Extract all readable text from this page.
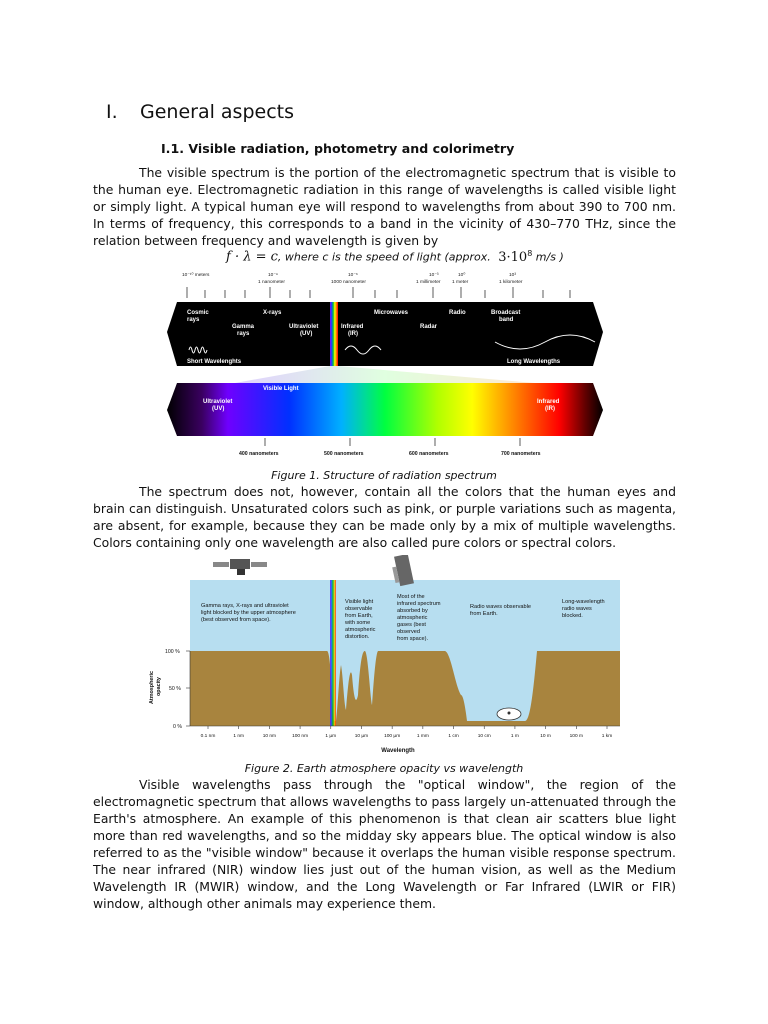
I. General aspects
I.1. Visible radiation, photometry and colorimetry

The visible spectrum is the portion of the electromagnetic spectrum that is visible to the human eye. Electromagnetic radiation in this range of wavelengths is called visible light or simply light. A typical human eye will respond to wavelengths from about 390 to 700 nm. In terms of frequency, this corresponds to a band in the vicinity of 430–770 THz, since the relation between frequency and wavelength is given by

f · λ = c, where c is the speed of light (approx. $3\cdot 10^8$ m/s )
10⁻¹⁰ meters	10⁻⁹
1 nanometer
10⁻⁶
1000 nanometer
10⁻³
1 millimeter
10⁰
1 meter
10³
1 kilometer
Cosmic
rays
X-rays
Gamma
rays
Ultraviolet
(UV)
Infrared
(IR)
Microwaves
Radar
Radio	Broadcast
band
Short Wavelenghts	Long Wavelengths
Visible Light
Ultraviolet
(UV)
Infrared
(IR)
400 nanometers	500 nanometers	600 nanometers	700 nanometers
Figure 1. Structure of radiation spectrum

The spectrum does not, however, contain all the colors that the human eyes and brain can distinguish. Unsaturated colors such as pink, or purple variations such as magenta, are absent, for example, because they can be made only by a mix of multiple wavelengths. Colors containing only one wavelength are also called pure colors or spectral colors.

Gamma rays, X-rays and ultraviolet
light blocked by the upper atmosphere
(best observed from space).
Visible light
observable
from Earth,
with some
atmospheric
distortion.
Most of the
infrared spectrum
absorbed by
atmospheric
gases (best
observed
from space).
Radio waves observable
from Earth.
Long-wavelength
radio waves
blocked.
100 %
50 %
0 %
Atmospheric opacity
0.1 nm	1 nm	10 nm	100 nm	1 µm	10 µm	100 µm	1 mm	1 cm	10 cm	1 m	10 m	100 m	1 km
Wavelength
Figure 2. Earth atmosphere opacity vs wavelength

Visible wavelengths pass through the "optical window", the region of the electromagnetic spectrum that allows wavelengths to pass largely un-attenuated through the Earth's atmosphere. An example of this phenomenon is that clean air scatters blue light more than red wavelengths, and so the midday sky appears blue. The optical window is also referred to as the "visible window" because it overlaps the human visible response spectrum. The near infrared (NIR) window lies just out of the human vision, as well as the Medium Wavelength IR (MWIR) window, and the Long Wavelength or Far Infrared (LWIR or FIR) window, although other animals may experience them.
